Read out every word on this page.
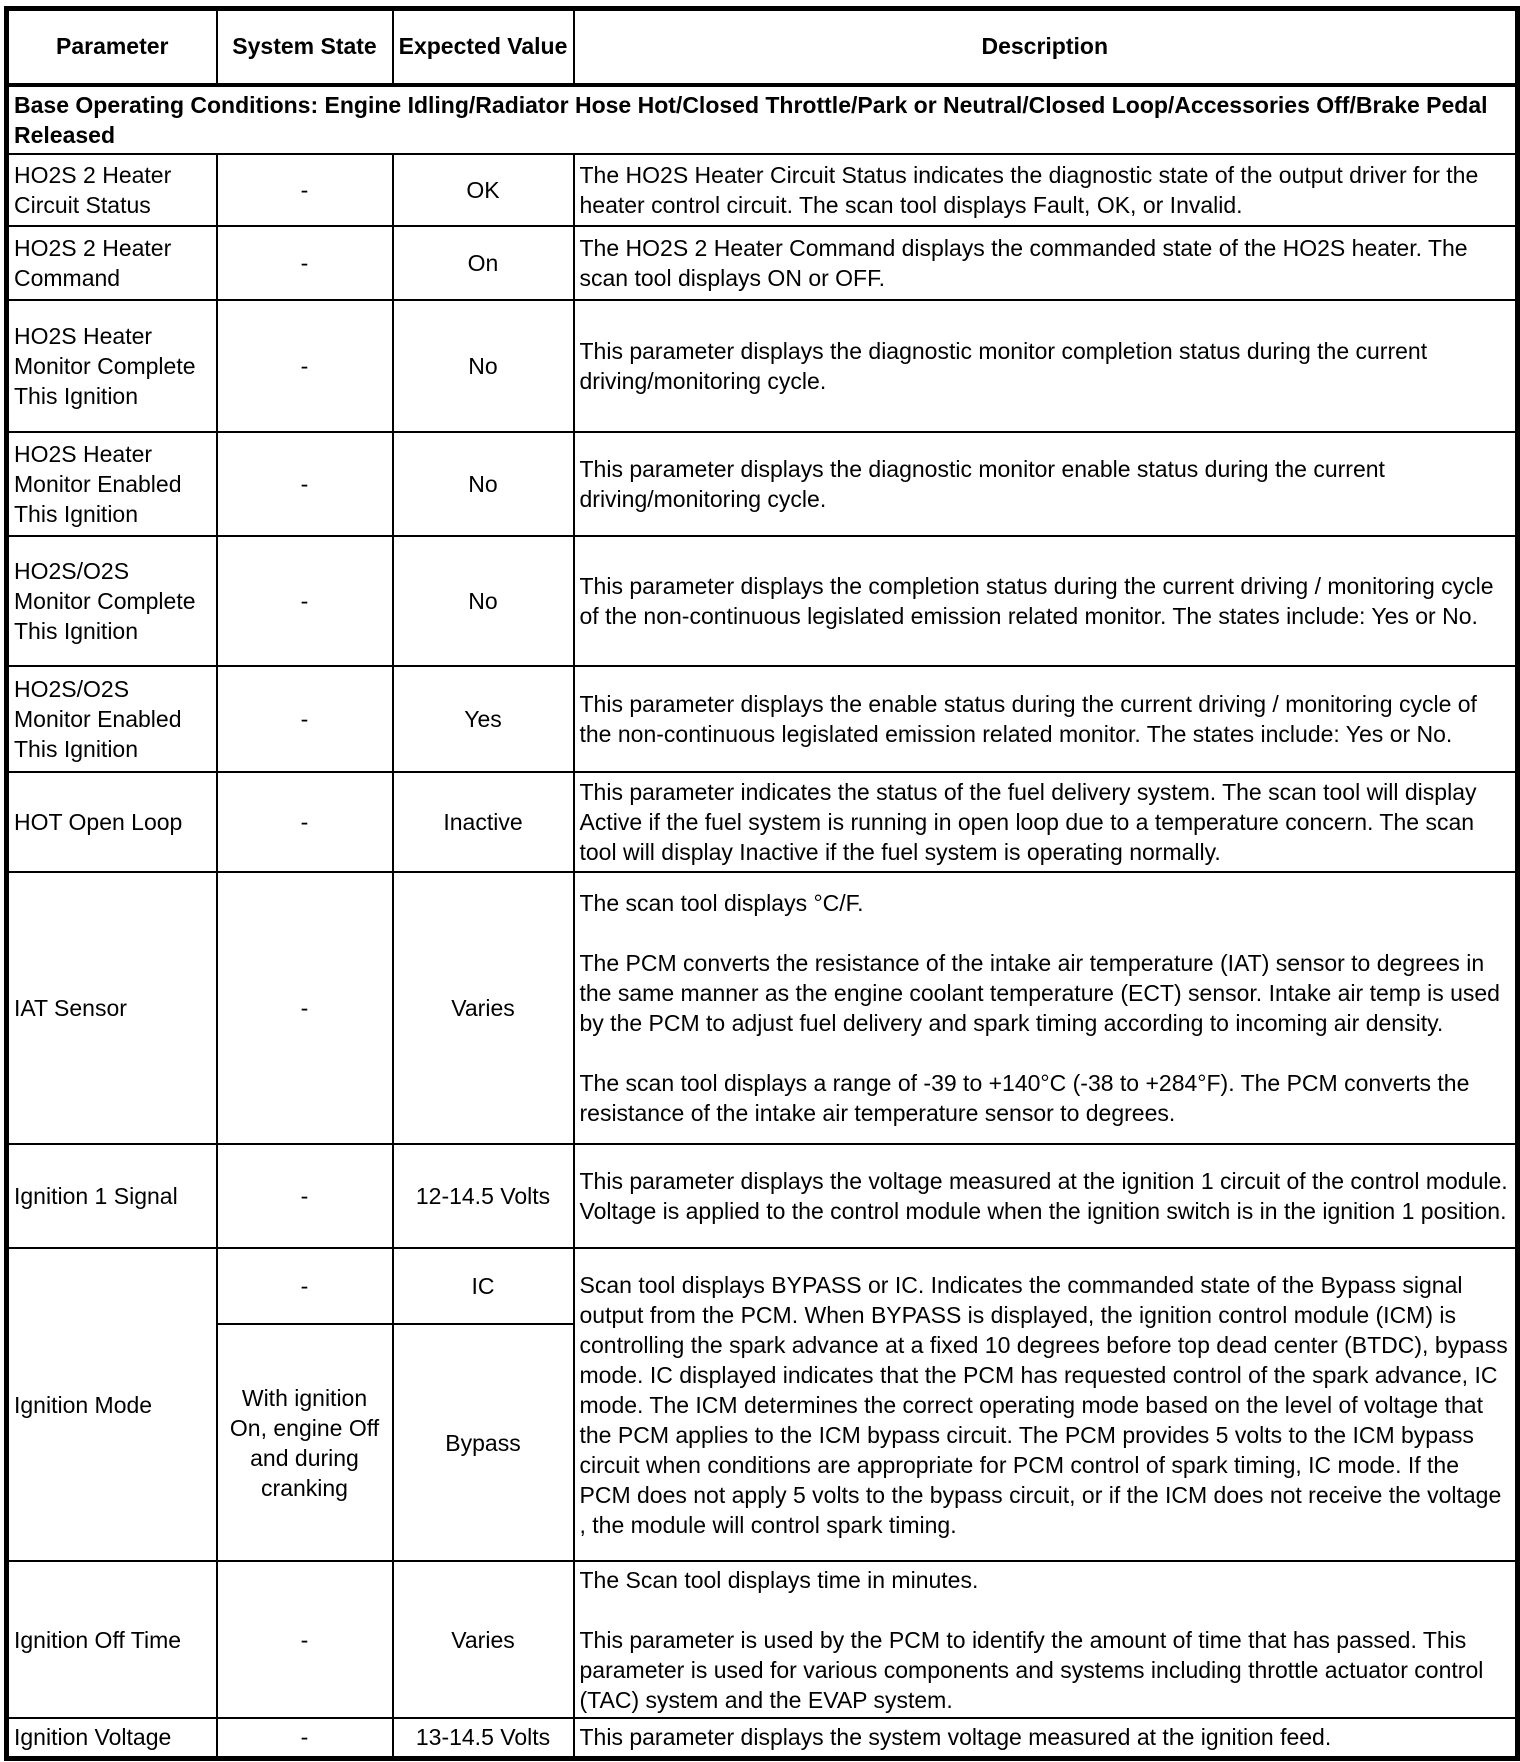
Parameter	System State	Expected Value	Description
Base Operating Conditions: Engine Idling/Radiator Hose Hot/Closed Throttle/Park or Neutral/Closed Loop/Accessories Off/Brake Pedal Released			
HO2S 2 Heater Circuit Status	-	OK	The HO2S Heater Circuit Status indicates the diagnostic state of the output driver for the heater control circuit. The scan tool displays Fault, OK, or Invalid.

HO2S 2 Heater Command	-	On	The HO2S 2 Heater Command displays the commanded state of the HO2S heater. The scan tool displays ON or OFF.

HO2S Heater Monitor Complete This Ignition	-	No	This parameter displays the diagnostic monitor completion status during the current driving/monitoring cycle.

HO2S Heater Monitor Enabled This Ignition	-	No	This parameter displays the diagnostic monitor enable status during the current driving/monitoring cycle.

HO2S/O2S Monitor Complete This Ignition	-	No	This parameter displays the completion status during the current driving / monitoring cycle of the non-continuous legislated emission related monitor. The states include: Yes or No.

HO2S/O2S Monitor Enabled This Ignition	-	Yes	This parameter displays the enable status during the current driving / monitoring cycle of the non-continuous legislated emission related monitor. The states include: Yes or No.

HOT Open Loop	-	Inactive	This parameter indicates the status of the fuel delivery system. The scan tool will display Active if the fuel system is running in open loop due to a temperature concern. The scan tool will display Inactive if the fuel system is operating normally.

IAT Sensor	-	Varies	The scan tool displays °C/F.
The PCM converts the resistance of the intake air temperature (IAT) sensor to degrees in the same manner as the engine coolant temperature (ECT) sensor. Intake air temp is used by the PCM to adjust fuel delivery and spark timing according to incoming air density.
The scan tool displays a range of -39 to +140°C (-38 to +284°F). The PCM converts the resistance of the intake air temperature sensor to degrees.

Ignition 1 Signal	-	12-14.5 Volts	This parameter displays the voltage measured at the ignition 1 circuit of the control module. Voltage is applied to the control module when the ignition switch is in the ignition 1 position.

Ignition Mode	-	IC	Scan tool displays BYPASS or IC. Indicates the commanded state of the Bypass signal output from the PCM. When BYPASS is displayed, the ignition control module (ICM) is controlling the spark advance at a fixed 10 degrees before top dead center (BTDC), bypass mode. IC displayed indicates that the PCM has requested control of the spark advance, IC mode. The ICM determines the correct operating mode based on the level of voltage that the PCM applies to the ICM bypass circuit. The PCM provides 5 volts to the ICM bypass circuit when conditions are appropriate for PCM control of spark timing, IC mode. If the PCM does not apply 5 volts to the bypass circuit, or if the ICM does not receive the voltage , the module will control spark timing.

	With ignition On, engine Off and during cranking	Bypass	
Ignition Off Time	-	Varies	The Scan tool displays time in minutes.
This parameter is used by the PCM to identify the amount of time that has passed. This parameter is used for various components and systems including throttle actuator control (TAC) system and the EVAP system.

Ignition Voltage	-	13-14.5 Volts	This parameter displays the system voltage measured at the ignition feed.
